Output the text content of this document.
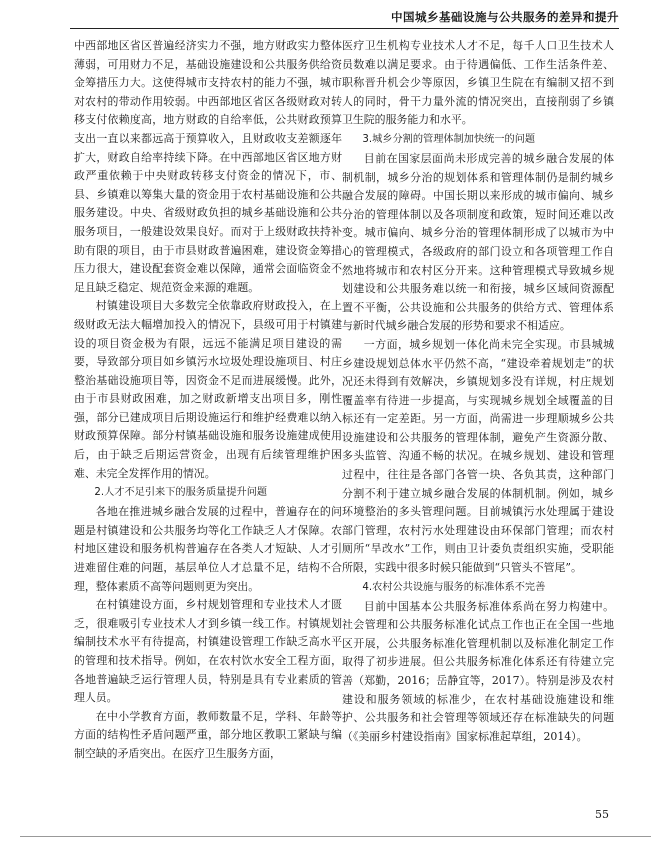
中国城乡基础设施与公共服务的差异和提升

中西部地区省区普遍经济实力不强，地方财政实力整体薄弱，可用财力不足，基础设施建设和公共服务供给资金筹措压力大。这使得城市支持农村的能力不强，城市对农村的带动作用较弱。中西部地区省区各级财政对转移支付依赖度高，地方财政的自给率低，公共财政预算支出一直以来都远高于预算收入，且财政收支差额逐年扩大，财政自给率持续下降。在中西部地区省区地方财政严重依赖于中央财政转移支付资金的情况下，市、县、乡镇难以筹集大量的资金用于农村基础设施和公共服务建设。中央、省级财政负担的城乡基础设施和公共服务项目，一般建设效果良好。而对于上级财政扶持补助有限的项目，由于市县财政普遍困难，建设资金筹措压力很大，建设配套资金难以保障，通常会面临资金不足且缺乏稳定、规范资金来源的难题。

村镇建设项目大多数完全依靠政府财政投入，在上级财政无法大幅增加投入的情况下，县级可用于村镇建设的项目资金极为有限，远远不能满足项目建设的需要，导致部分项目如乡镇污水垃圾处理设施项目、村庄整治基础设施项目等，因资金不足而进展缓慢。此外，由于市县财政困难，加之财政新增支出项目多，刚性强，部分已建成项目后期设施运行和维护经费难以纳入财政预算保障。部分村镇基础设施和服务设施建成使用后，由于缺乏后期运营资金，出现有后续管理维护困难、未完全发挥作用的情况。

2.人才不足引来下的服务质量提升问题

各地在推进城乡融合发展的过程中，普遍存在的问题是村镇建设和公共服务均等化工作缺乏人才保障。农村地区建设和服务机构普遍存在各类人才短缺、人才引进难留住难的问题，基层单位人才总量不足，结构不合理，整体素质不高等问题则更为突出。

在村镇建设方面，乡村规划管理和专业技术人才匮乏，很难吸引专业技术人才到乡镇一线工作。村镇规划编制技术水平有待提高，村镇建设管理工作缺乏高水平的管理和技术指导。例如，在农村饮水安全工程方面，各地普遍缺乏运行管理人员，特别是具有专业素质的管理人员。

在中小学教育方面，教师数量不足，学科、年龄等方面的结构性矛盾问题严重，部分地区教职工紧缺与编制空缺的矛盾突出。在医疗卫生服务方面，

医疗卫生机构专业技术人才不足，每千人口卫生技术人员数难以满足要求。由于待遇偏低、工作生活条件差、职称晋升机会少等原因，乡镇卫生院在有编制又招不到人的同时，骨干力量外流的情况突出，直接削弱了乡镇卫生院的服务能力和水平。

3.城乡分割的管理体制加快统一的问题

目前在国家层面尚未形成完善的城乡融合发展的体制机制，城乡分治的规划体系和管理体制仍是制约城乡融合发展的障碍。中国长期以来形成的城市偏向、城乡分治的管理体制以及各项制度和政策，短时间还难以改变。城市偏向、城乡分治的管理体制形成了以城市为中心的管理模式，各级政府的部门设立和各项管理工作自然地将城市和农村区分开来。这种管理模式导致城乡规划建设和公共服务难以统一和衔接，城乡区域间资源配置不平衡，公共设施和公共服务的供给方式、管理体系与新时代城乡融合发展的形势和要求不相适应。

一方面，城乡规划一体化尚未完全实现。市县城城乡建设规划总体水平仍然不高，“建设牵着规划走”的状况还未得到有效解决，乡镇规划多没有详规，村庄规划覆盖率有待进一步提高，与实现城乡规划全域覆盖的目标还有一定差距。另一方面，尚需进一步理顺城乡公共设施建设和公共服务的管理体制，避免产生资源分散、多头监管、沟通不畅的状况。在城乡规划、建设和管理过程中，往往是各部门各管一块、各负其责，这种部门分割不利于建立城乡融合发展的体制机制。例如，城乡环境整治的多头管理问题。目前城镇污水处理属于建设部门管理，农村污水处理建设由环保部门管理；而农村厕所“旱改水”工作，则由卫计委负责组织实施，受职能所限，实践中很多时候只能做到“只管头不管尾”。

4.农村公共设施与服务的标准体系不完善

目前中国基本公共服务标准体系尚在努力构建中。社会管理和公共服务标准化试点工作也正在全国一些地区开展，公共服务标准化管理机制以及标准化制定工作取得了初步进展。但公共服务标准化体系还有待建立完善（郑勤，2016；岳静宜等，2017）。特别是涉及农村建设和服务领域的标准少，在农村基础设施建设和维护、公共服务和社会管理等领域还存在标准缺失的问题（《美丽乡村建设指南》国家标准起草组，2014）。

55
